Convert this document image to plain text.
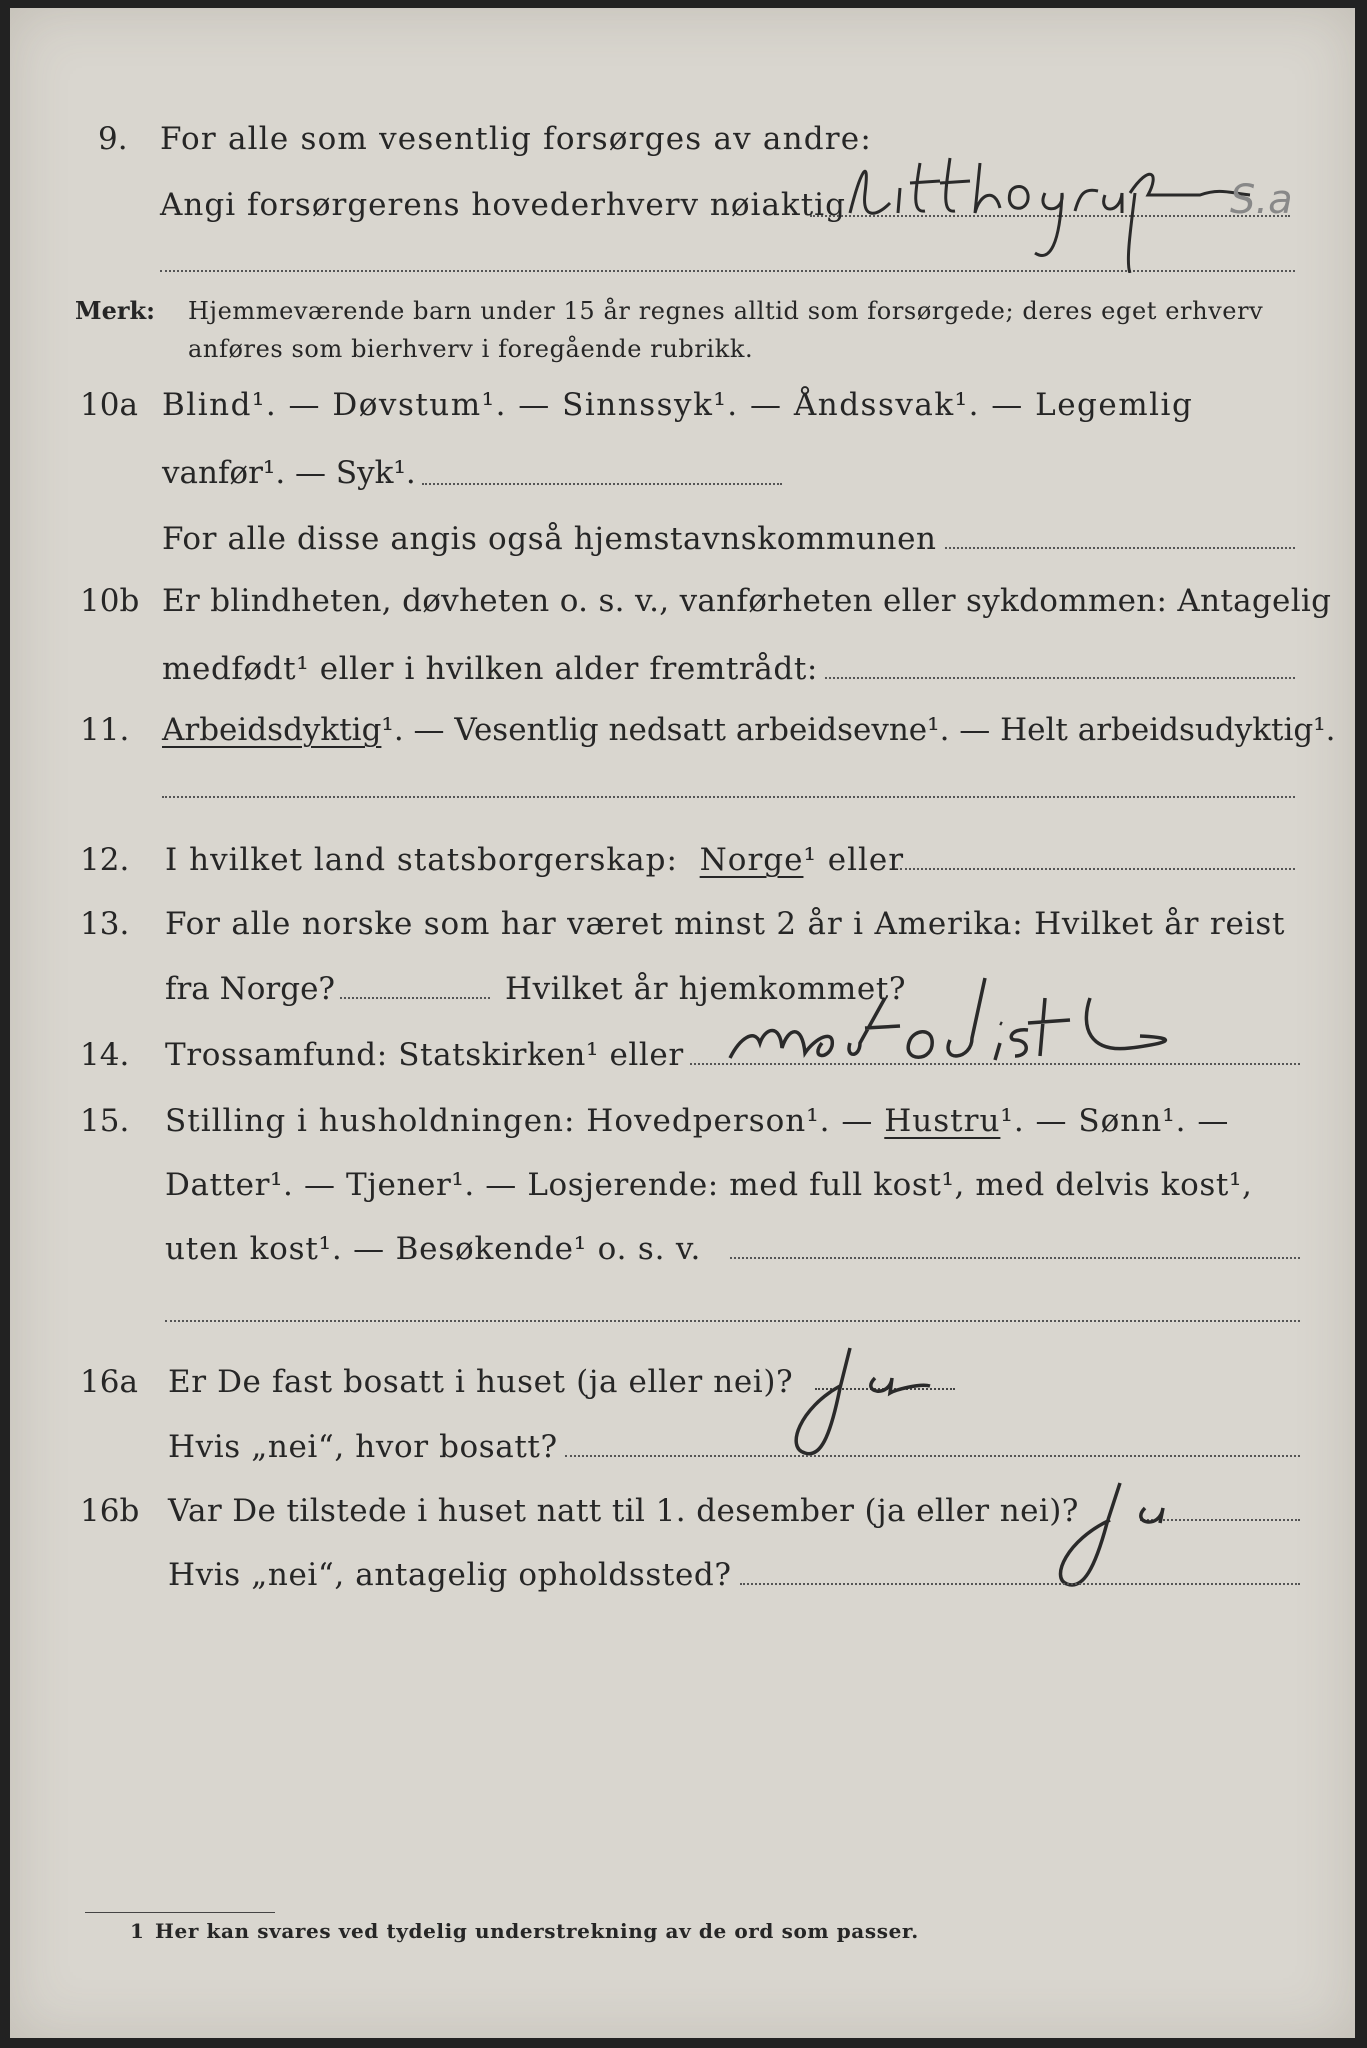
9. For alle som vesentlig forsørges av andre:
Angi forsørgerens hovederhverv nøiaktig	S.a
Merk: Hjemmeværende barn under 15 år regnes alltid som forsørgede; deres eget erhverv
anføres som bierhverv i foregående rubrikk.
10a Blind¹. — Døvstum¹. — Sinnssyk¹. — Åndssvak¹. — Legemlig
vanfør¹. — Syk¹.
For alle disse angis også hjemstavnskommunen
10b Er blindheten, døvheten o. s. v., vanførheten eller sykdommen: Antagelig
medfødt¹ eller i hvilken alder fremtrådt:
11. Arbeidsdyktig¹. — Vesentlig nedsatt arbeidsevne¹. — Helt arbeidsudyktig¹.
12. I hvilket land statsborgerskap: Norge¹ eller
13. For alle norske som har været minst 2 år i Amerika: Hvilket år reist
fra Norge?	Hvilket år hjemkommet?
14. Trossamfund: Statskirken¹ eller
15. Stilling i husholdningen: Hovedperson¹. — Hustru¹. — Sønn¹. —
Datter¹. — Tjener¹. — Losjerende: med full kost¹, med delvis kost¹,
uten kost¹. — Besøkende¹ o. s. v.
16a Er De fast bosatt i huset (ja eller nei)?
Hvis „nei“, hvor bosatt?
16b Var De tilstede i huset natt til 1. desember (ja eller nei)?
Hvis „nei“, antagelig opholdssted?
1 Her kan svares ved tydelig understrekning av de ord som passer.
